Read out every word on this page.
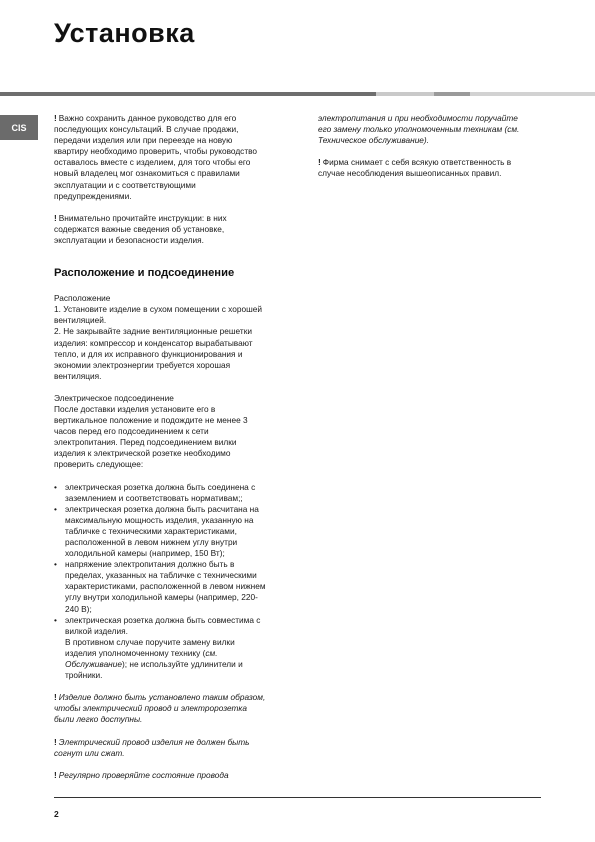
Установка
CIS

! Важно сохранить данное руководство для его
последующих консультаций. В случае продажи,
передачи изделия или при переезде на новую
квартиру необходимо проверить, чтобы руководство
оставалось вместе с изделием, для того чтобы его
новый владелец мог ознакомиться с правилами
эксплуатации и с соответствующими
предупреждениями.

! Внимательно прочитайте инструкции: в них
содержатся важные сведения об установке,
эксплуатации и безопасности изделия.

Расположение и подсоединение

Расположение

1. Установите изделие в сухом помещении с хорошей
вентиляцией.
2. Не закрывайте задние вентиляционные решетки
изделия: компрессор и конденсатор вырабатывают
тепло, и для их исправного функционирования и
экономии электроэнергии требуется хорошая
вентиляция.

Электрическое подсоединение

После доставки изделия установите его в
вертикальное положение и подождите не менее 3
часов перед его подсоединением к сети
электропитания. Перед подсоединением вилки
изделия к электрической розетке необходимо
проверить следующее:

• электрическая розетка должна быть соединена с
заземлением и соответствовать нормативам;;
• электрическая розетка должна быть расчитана на
максимальную мощность изделия, указанную на
табличке с техническими характеристиками,
расположенной в левом нижнем углу внутри
холодильной камеры (например, 150 Вт);
• напряжение электропитания должно быть в
пределах, указанных на табличке с техническими
характеристиками, расположенной в левом нижнем
углу внутри холодильной камеры (например, 220-
240 В);
• электрическая розетка должна быть совместима с
вилкой изделия.
В противном случае поручите замену вилки
изделия уполномоченному технику (см.
Обслуживание); не используйте удлинители и
тройники.

! Изделие должно быть установлено таким образом,
чтобы электрический провод и электророзетка
были легко доступны.

! Электрический провод изделия не должен быть
согнут или сжат.

! Регулярно проверяйте состояние провода

электропитания и при необходимости поручайте
его замену только уполномоченным техникам (см.
Техническое обслуживание).

! Фирма снимает с себя всякую ответственность в
случае несоблюдения вышеописанных правил.

2
